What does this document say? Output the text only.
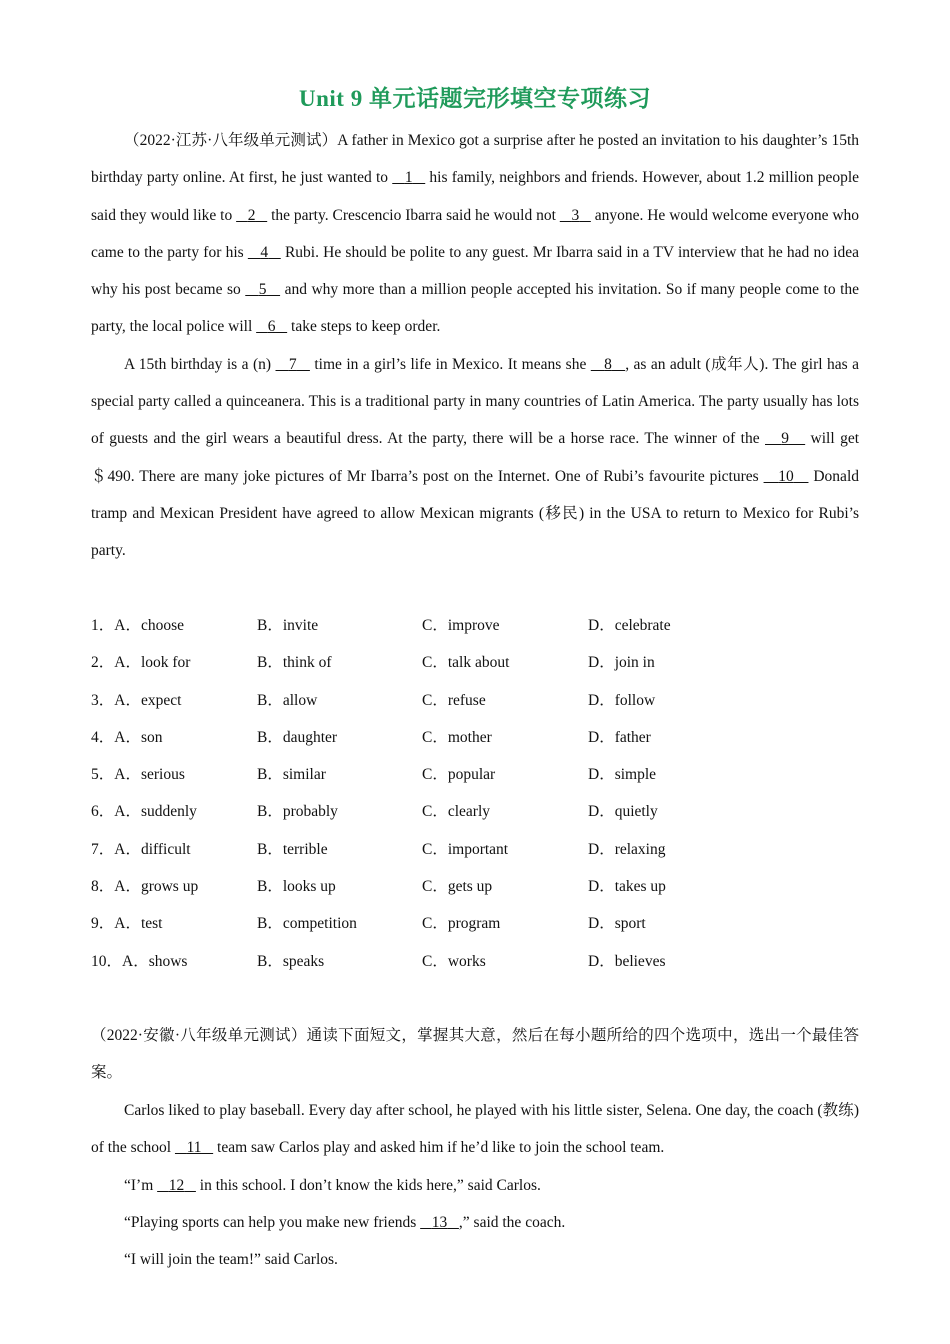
Unit 9 单元话题完形填空专项练习

（2022·江苏·八年级单元测试）A father in Mexico got a surprise after he posted an invitation to his daughter’s 15th birthday party online. At first, he just wanted to    1    his family, neighbors and friends. However, about 1.2 million people said they would like to    2    the party. Crescencio Ibarra said he would not    3    anyone. He would welcome everyone who came to the party for his    4    Rubi. He should be polite to any guest. Mr Ibarra said in a TV interview that he had no idea why his post became so    5    and why more than a million people accepted his invitation. So if many people come to the party, the local police will    6    take steps to keep order.

A 15th birthday is a (n)    7    time in a girl’s life in Mexico. It means she    8 , as an adult (成年人). The girl has a special party called a quinceanera. This is a traditional party in many countries of Latin America. The party usually has lots of guests and the girl wears a beautiful dress. At the party, there will be a horse race. The winner of the    9    will get ＄490. There are many joke pictures of Mr Ibarra’s post on the Internet. One of Rubi’s favourite pictures    10    Donald tramp and Mexican President have agreed to allow Mexican migrants (移民) in the USA to return to Mexico for Rubi’s party.

1．A．choose	B．invite	C．improve	D．celebrate
2．A．look for	B．think of	C．talk about	D．join in
3．A．expect	B．allow	C．refuse	D．follow
4．A．son	B．daughter	C．mother	D．father
5．A．serious	B．similar	C．popular	D．simple
6．A．suddenly	B．probably	C．clearly	D．quietly
7．A．difficult	B．terrible	C．important	D．relaxing
8．A．grows up	B．looks up	C．gets up	D．takes up
9．A．test	B．competition	C．program	D．sport
10．A．shows	B．speaks	C．works	D．believes

（2022·安徽·八年级单元测试）通读下面短文，掌握其大意，然后在每小题所给的四个选项中，选出一个最佳答案。

Carlos liked to play baseball. Every day after school, he played with his little sister, Selena. One day, the coach (教练) of the school    11    team saw Carlos play and asked him if he’d like to join the school team.

“I’m    12    in this school. I don’t know the kids here,” said Carlos.

“Playing sports can help you make new friends    13 ,” said the coach.

“I will join the team!” said Carlos.
